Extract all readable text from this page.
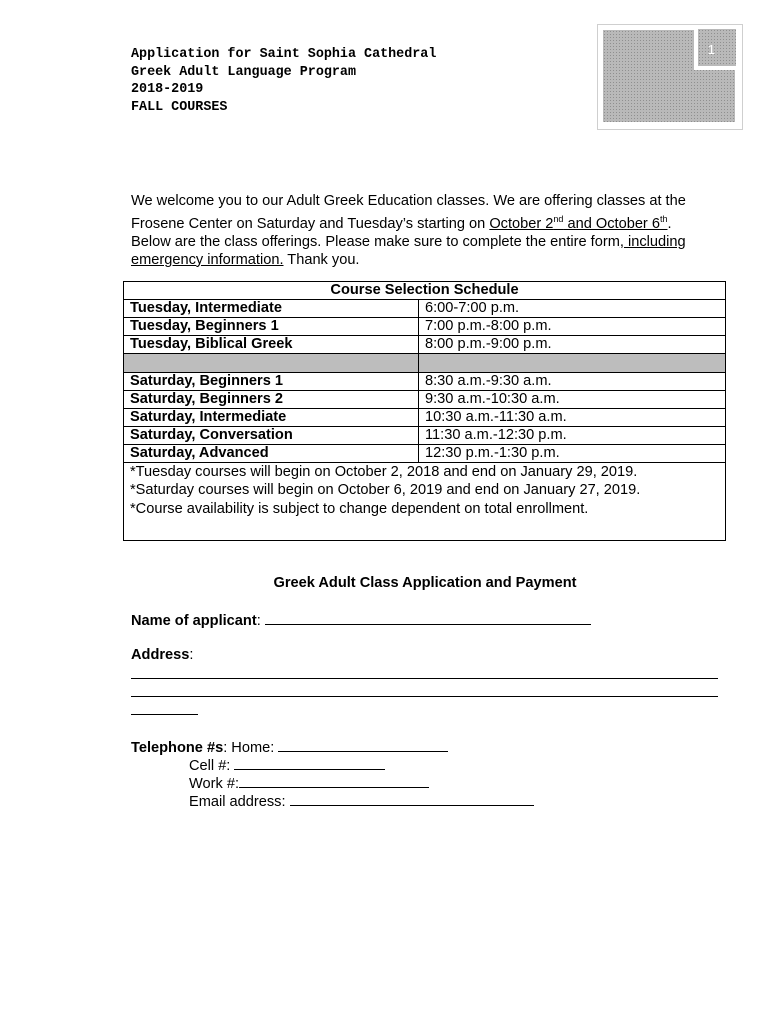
Application for Saint Sophia Cathedral
Greek Adult Language Program
2018-2019
FALL COURSES
1
We welcome you to our Adult Greek Education classes. We are offering classes at the
Frosene Center on Saturday and Tuesday’s starting on October 2nd and October 6th.
Below are the class offerings. Please make sure to complete the entire form, including
emergency information. Thank you.
Course Selection Schedule	
Tuesday, Intermediate	6:00-7:00 p.m.
Tuesday, Beginners 1	7:00 p.m.-8:00 p.m.
Tuesday, Biblical Greek	8:00 p.m.-9:00 p.m.

Saturday, Beginners 1	8:30 a.m.-9:30 a.m.
Saturday, Beginners 2	9:30 a.m.-10:30 a.m.
Saturday, Intermediate	10:30 a.m.-11:30 a.m.
Saturday, Conversation	11:30 a.m.-12:30 p.m.
Saturday, Advanced	12:30 p.m.-1:30 p.m.

*Tuesday courses will begin on October 2, 2018 and end on January 29, 2019.
*Saturday courses will begin on October 6, 2019 and end on January 27, 2019.
*Course availability is subject to change dependent on total enrollment.	
Greek Adult Class Application and Payment
Name of applicant:
Address:
Telephone #s: Home:
Cell #:
Work #:
Email address:
